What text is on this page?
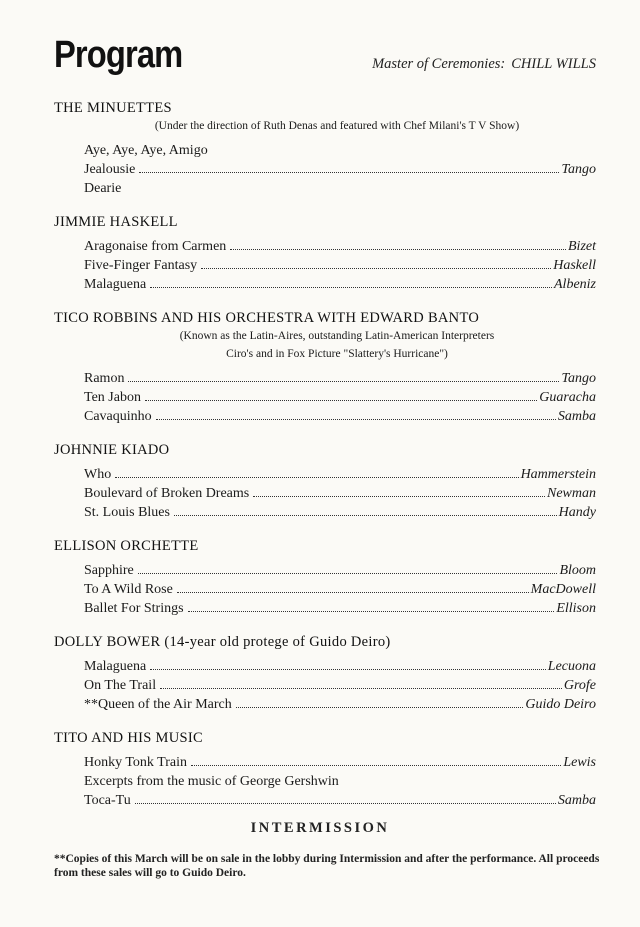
Program	Master of Ceremonies: CHILL WILLS
THE MINUETTES
(Under the direction of Ruth Denas and featured with Chef Milani's T V Show)
Aye, Aye, Aye, Amigo
Jealousie	Tango
Dearie
JIMMIE HASKELL
Aragonaise from Carmen	Bizet
Five-Finger Fantasy	Haskell
Malaguena	Albeniz
TICO ROBBINS AND HIS ORCHESTRA WITH EDWARD BANTO
(Known as the Latin-Aires, outstanding Latin-American Interpreters
Ciro's and in Fox Picture "Slattery's Hurricane")
Ramon	Tango
Ten Jabon	Guaracha
Cavaquinho	Samba
JOHNNIE KIADO
Who	Hammerstein
Boulevard of Broken Dreams	Newman
St. Louis Blues	Handy
ELLISON ORCHETTE
Sapphire	Bloom
To A Wild Rose	MacDowell
Ballet For Strings	Ellison
DOLLY BOWER (14-year old protege of Guido Deiro)
Malaguena	Lecuona
On The Trail	Grofe
**Queen of the Air March	Guido Deiro
TITO AND HIS MUSIC
Honky Tonk Train	Lewis
Excerpts from the music of George Gershwin
Toca-Tu	Samba
INTERMISSION
**Copies of this March will be on sale in the lobby during Intermission and after the performance. All proceeds from these sales will go to Guido Deiro.
